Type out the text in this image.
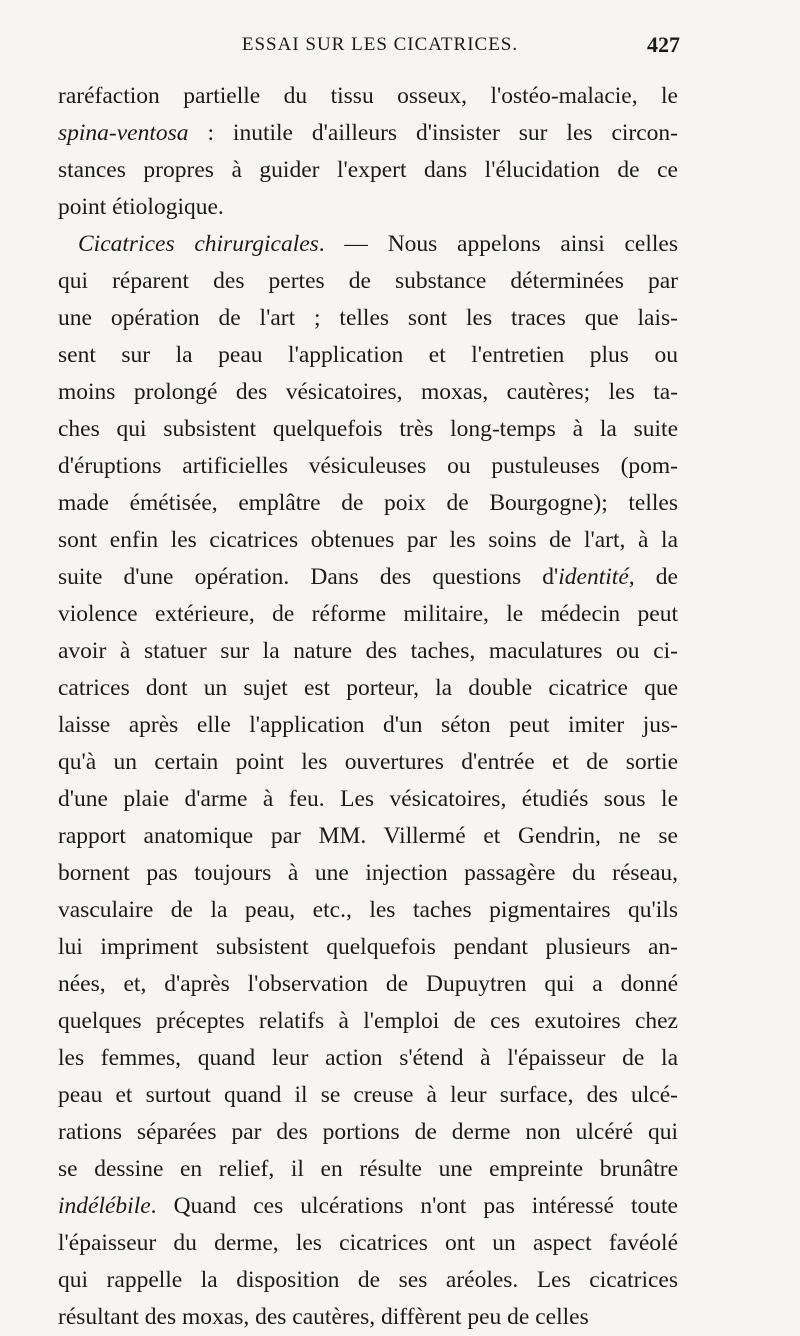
ESSAI SUR LES CICATRICES.	427
raréfaction partielle du tissu osseux, l'ostéo-malacie, le
spina-ventosa : inutile d'ailleurs d'insister sur les circon-
stances propres à guider l'expert dans l'élucidation de ce
point étiologique.
Cicatrices chirurgicales. — Nous appelons ainsi celles
qui réparent des pertes de substance déterminées par
une opération de l'art ; telles sont les traces que lais-
sent sur la peau l'application et l'entretien plus ou
moins prolongé des vésicatoires, moxas, cautères; les ta-
ches qui subsistent quelquefois très long-temps à la suite
d'éruptions artificielles vésiculeuses ou pustuleuses (pom-
made émétisée, emplâtre de poix de Bourgogne); telles
sont enfin les cicatrices obtenues par les soins de l'art, à la
suite d'une opération. Dans des questions d'identité, de
violence extérieure, de réforme militaire, le médecin peut
avoir à statuer sur la nature des taches, maculatures ou ci-
catrices dont un sujet est porteur, la double cicatrice que
laisse après elle l'application d'un séton peut imiter jus-
qu'à un certain point les ouvertures d'entrée et de sortie
d'une plaie d'arme à feu. Les vésicatoires, étudiés sous le
rapport anatomique par MM. Villermé et Gendrin, ne se
bornent pas toujours à une injection passagère du réseau,
vasculaire de la peau, etc., les taches pigmentaires qu'ils
lui impriment subsistent quelquefois pendant plusieurs an-
nées, et, d'après l'observation de Dupuytren qui a donné
quelques préceptes relatifs à l'emploi de ces exutoires chez
les femmes, quand leur action s'étend à l'épaisseur de la
peau et surtout quand il se creuse à leur surface, des ulcé-
rations séparées par des portions de derme non ulcéré qui
se dessine en relief, il en résulte une empreinte brunâtre
indélébile. Quand ces ulcérations n'ont pas intéressé toute
l'épaisseur du derme, les cicatrices ont un aspect favéolé
qui rappelle la disposition de ses aréoles. Les cicatrices
résultant des moxas, des cautères, diffèrent peu de celles
